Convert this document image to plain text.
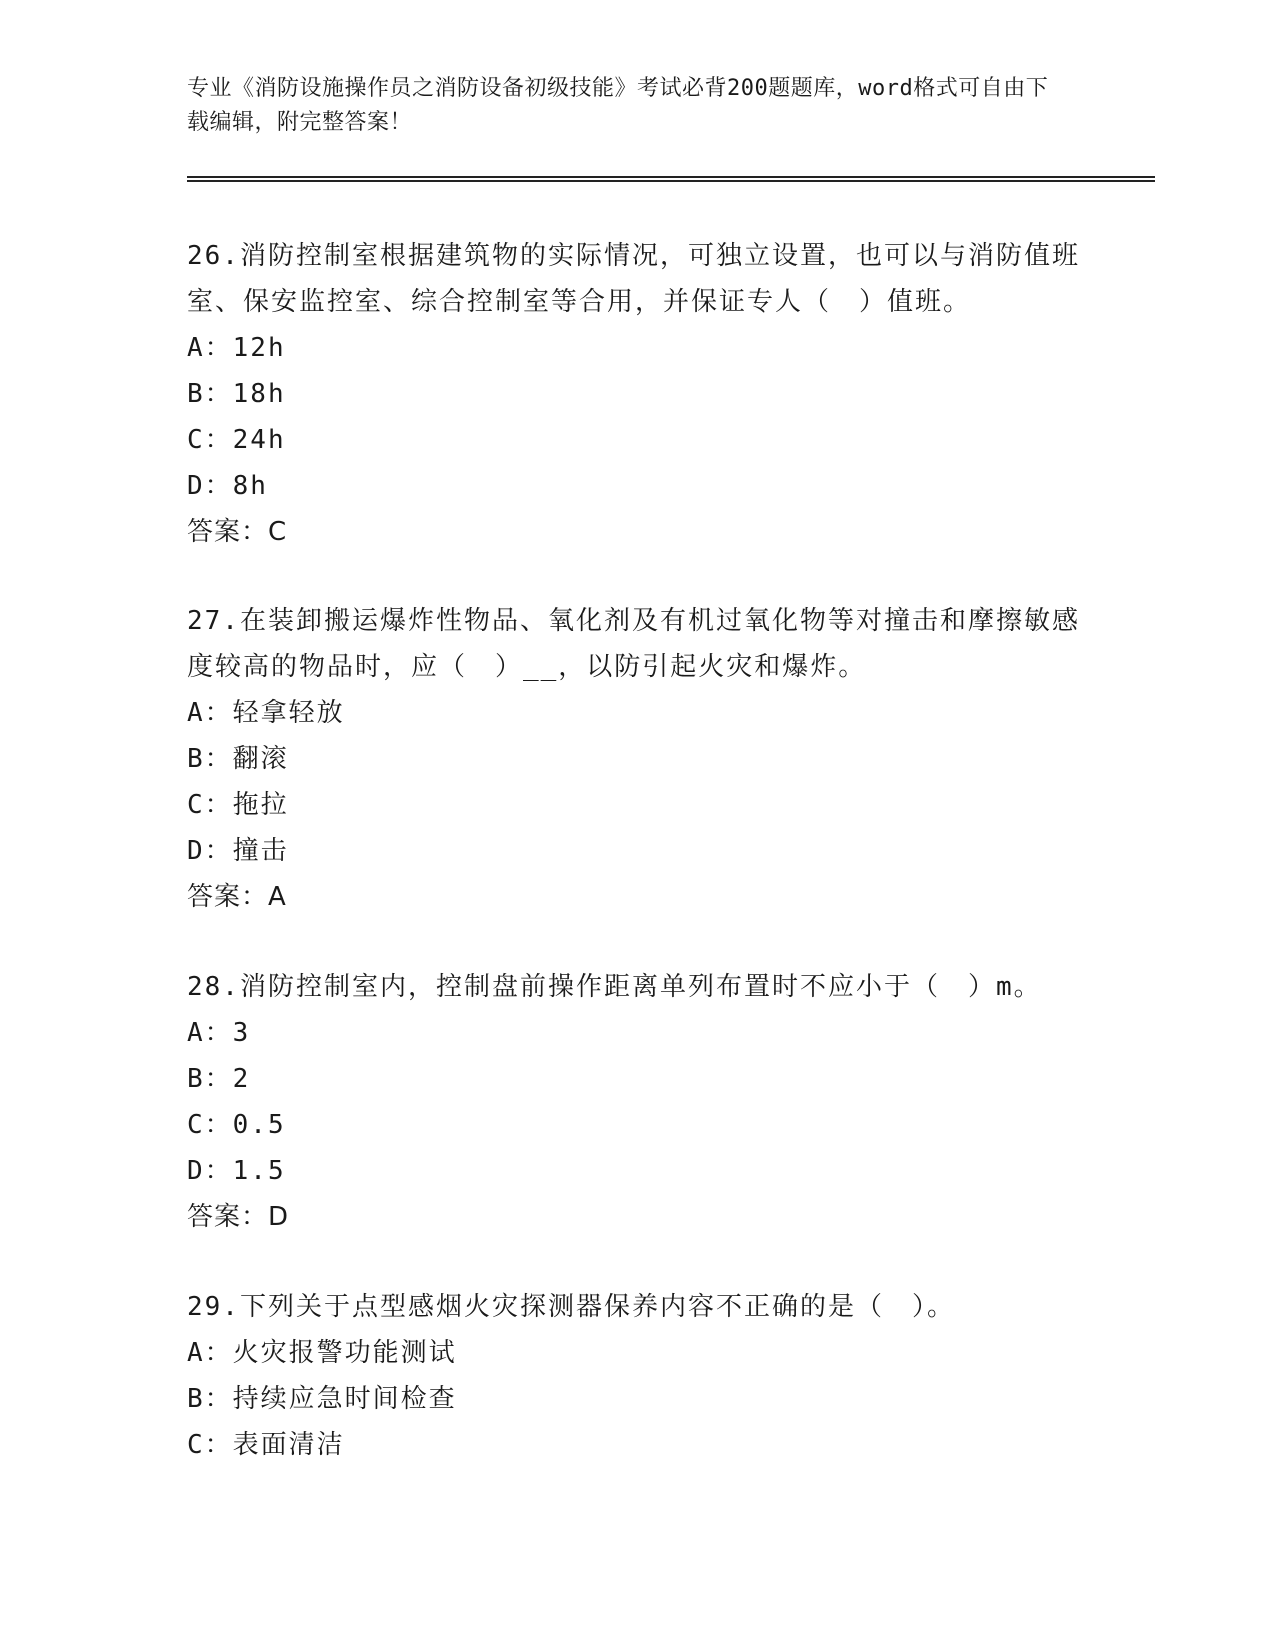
专业《消防设施操作员之消防设备初级技能》考试必背200题题库，word格式可自由下载编辑，附完整答案！

26.消防控制室根据建筑物的实际情况，可独立设置，也可以与消防值班室、保安监控室、综合控制室等合用，并保证专人（　）值班。

A：12h

B：18h

C：24h

D：8h

答案：C

27.在装卸搬运爆炸性物品、氧化剂及有机过氧化物等对撞击和摩擦敏感度较高的物品时，应（　）__，以防引起火灾和爆炸。

A：轻拿轻放

B：翻滚

C：拖拉

D：撞击

答案：A

28.消防控制室内，控制盘前操作距离单列布置时不应小于（　）m。

A：3

B：2

C：0.5

D：1.5

答案：D

29.下列关于点型感烟火灾探测器保养内容不正确的是（　）。

A：火灾报警功能测试

B：持续应急时间检查

C：表面清洁
